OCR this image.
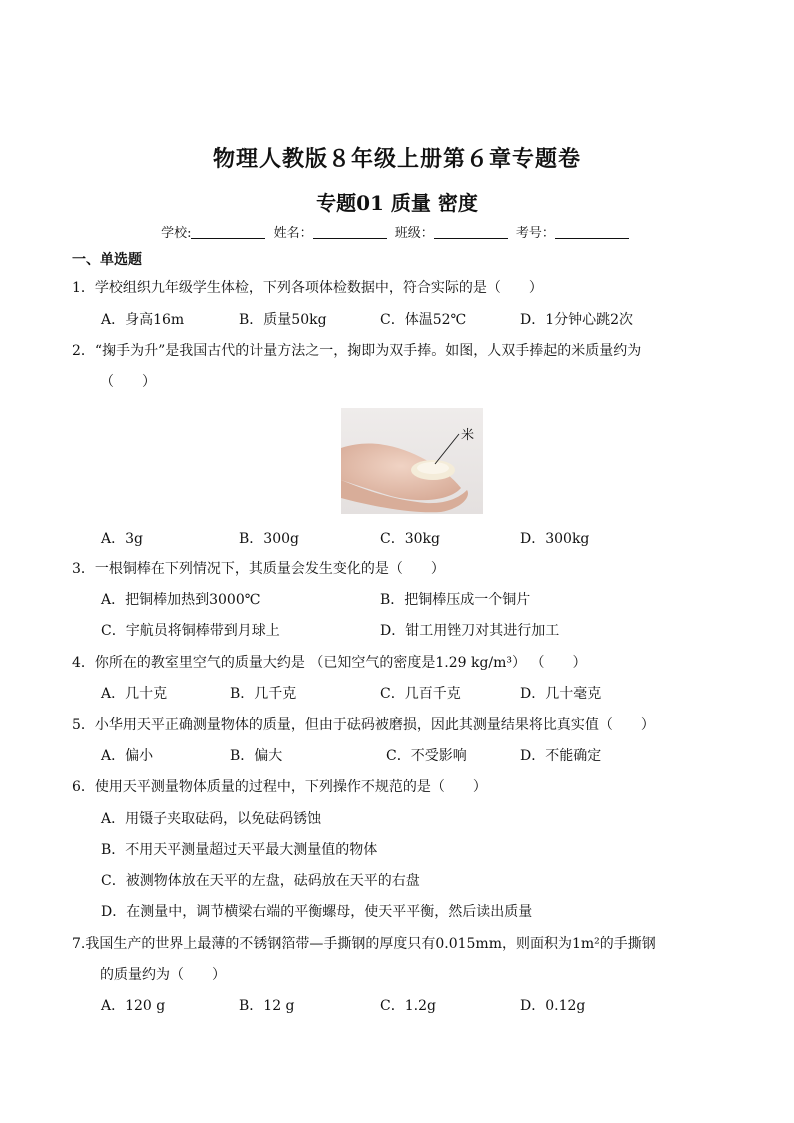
物理人教版８年级上册第６章专题卷
专题01 质量 密度
学校:	姓名：	班级：	考号：
一、单选题
1．学校组织九年级学生体检，下列各项体检数据中，符合实际的是（　　）
A．身高16m	B．质量50kg	C．体温52℃	D．1分钟心跳2次
2．“掬手为升”是我国古代的计量方法之一，掬即为双手捧。如图，人双手捧起的米质量约为
（　　）
米
A．3g	B．300g	C．30kg	D．300kg
3．一根铜棒在下列情况下，其质量会发生变化的是（　　）
A．把铜棒加热到3000℃	B．把铜棒压成一个铜片
C．宇航员将铜棒带到月球上	D．钳工用锉刀对其进行加工
4．你所在的教室里空气的质量大约是 （已知空气的密度是1.29 kg/m³） （　　）
A．几十克	B．几千克	C．几百千克	D．几十毫克
5．小华用天平正确测量物体的质量，但由于砝码被磨损，因此其测量结果将比真实值（　　）
A．偏小	B．偏大	C．不受影响	D．不能确定
6．使用天平测量物体质量的过程中，下列操作不规范的是（　　）
A．用镊子夹取砝码，以免砝码锈蚀
B．不用天平测量超过天平最大测量值的物体
C．被测物体放在天平的左盘，砝码放在天平的右盘
D．在测量中，调节横梁右端的平衡螺母，使天平平衡，然后读出质量
7.我国生产的世界上最薄的不锈钢箔带—手撕钢的厚度只有0.015mm，则面积为1m²的手撕钢
的质量约为（　　）
A．120 g	B．12 g	C．1.2g	D．0.12g
